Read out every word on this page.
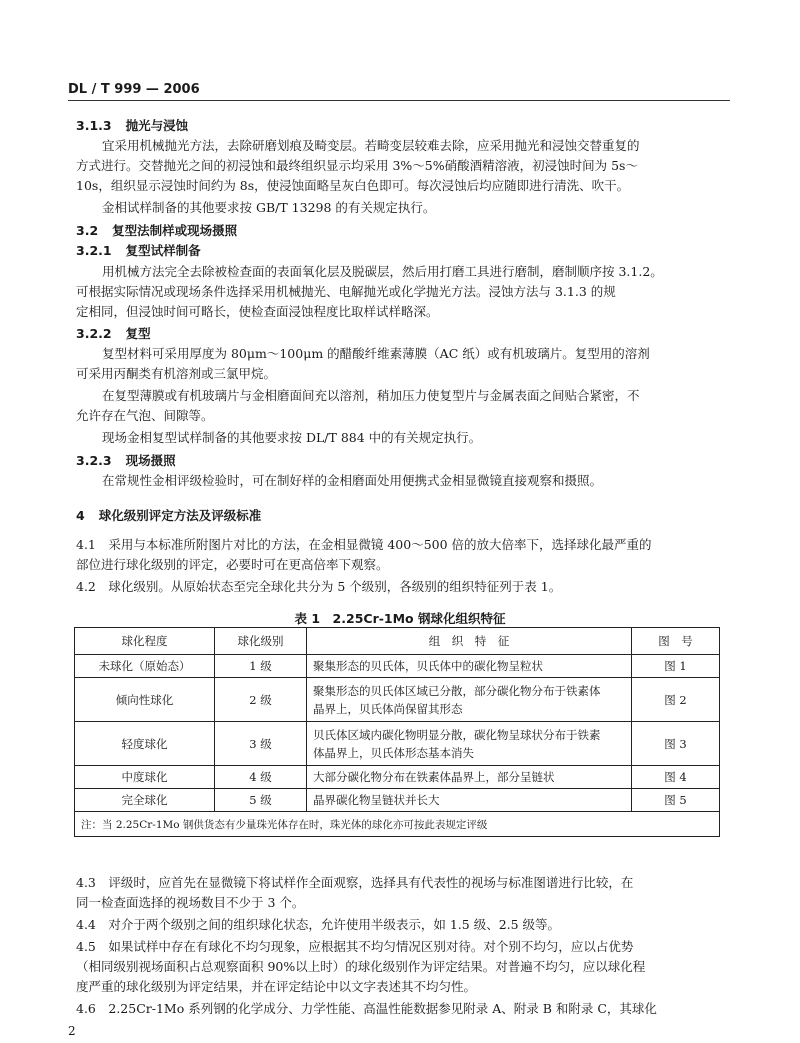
DL / T 999 — 2006
3.1.3 抛光与浸蚀
宜采用机械抛光方法，去除研磨划痕及畸变层。若畸变层较难去除，应采用抛光和浸蚀交替重复的
方式进行。交替抛光之间的初浸蚀和最终组织显示均采用 3%～5%硝酸酒精溶液，初浸蚀时间为 5s～
10s，组织显示浸蚀时间约为 8s，使浸蚀面略呈灰白色即可。每次浸蚀后均应随即进行清洗、吹干。
金相试样制备的其他要求按 GB/T 13298 的有关规定执行。
3.2 复型法制样或现场摄照
3.2.1 复型试样制备
用机械方法完全去除被检查面的表面氧化层及脱碳层，然后用打磨工具进行磨制，磨制顺序按 3.1.2。
可根据实际情况或现场条件选择采用机械抛光、电解抛光或化学抛光方法。浸蚀方法与 3.1.3 的规
定相同，但浸蚀时间可略长，使检查面浸蚀程度比取样试样略深。
3.2.2 复型
复型材料可采用厚度为 80μm～100μm 的醋酸纤维素薄膜（AC 纸）或有机玻璃片。复型用的溶剂
可采用丙酮类有机溶剂或三氯甲烷。
在复型薄膜或有机玻璃片与金相磨面间充以溶剂，稍加压力使复型片与金属表面之间贴合紧密，不
允许存在气泡、间隙等。
现场金相复型试样制备的其他要求按 DL/T 884 中的有关规定执行。
3.2.3 现场摄照
在常规性金相评级检验时，可在制好样的金相磨面处用便携式金相显微镜直接观察和摄照。
4 球化级别评定方法及评级标准
4.1　采用与本标准所附图片对比的方法，在金相显微镜 400～500 倍的放大倍率下，选择球化最严重的
部位进行球化级别的评定，必要时可在更高倍率下观察。
4.2　球化级别。从原始状态至完全球化共分为 5 个级别，各级别的组织特征列于表 1。
表 1　2.25Cr-1Mo 钢球化组织特征
球化程度	球化级别	组　织　特　征	图　号
未球化（原始态）	1 级	聚集形态的贝氏体，贝氏体中的碳化物呈粒状	图 1
倾向性球化	2 级	聚集形态的贝氏体区域已分散，部分碳化物分布于铁素体
晶界上，贝氏体尚保留其形态	图 2
轻度球化	3 级	贝氏体区域内碳化物明显分散，碳化物呈球状分布于铁素
体晶界上，贝氏体形态基本消失	图 3
中度球化	4 级	大部分碳化物分布在铁素体晶界上，部分呈链状	图 4
完全球化	5 级	晶界碳化物呈链状并长大	图 5
注：当 2.25Cr-1Mo 钢供货态有少量珠光体存在时，珠光体的球化亦可按此表规定评级			
4.3　评级时，应首先在显微镜下将试样作全面观察，选择具有代表性的视场与标准图谱进行比较，在
同一检查面选择的视场数目不少于 3 个。
4.4　对介于两个级别之间的组织球化状态，允许使用半级表示，如 1.5 级、2.5 级等。
4.5　如果试样中存在有球化不均匀现象，应根据其不均匀情况区别对待。对个别不均匀，应以占优势
（相同级别视场面积占总观察面积 90%以上时）的球化级别作为评定结果。对普遍不均匀，应以球化程
度严重的球化级别为评定结果，并在评定结论中以文字表述其不均匀性。
4.6　2.25Cr-1Mo 系列钢的化学成分、力学性能、高温性能数据参见附录 A、附录 B 和附录 C，其球化
2
